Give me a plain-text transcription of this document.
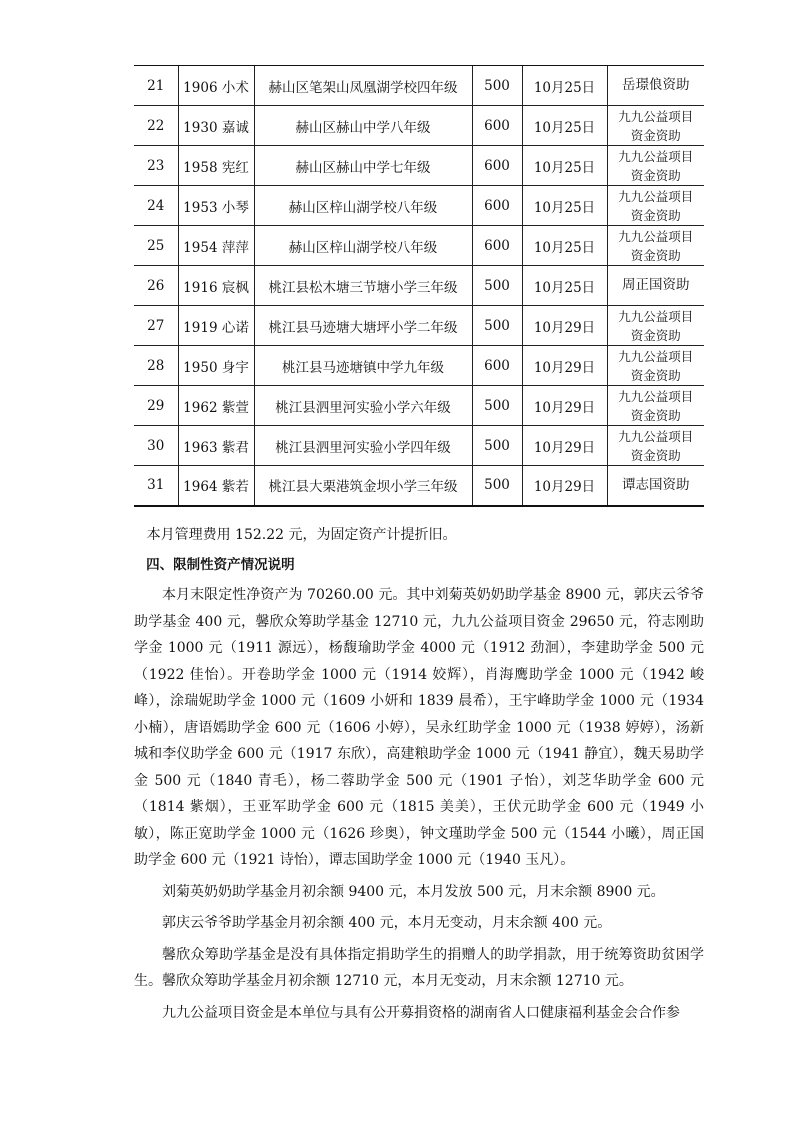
21	1906 小术	赫山区笔架山凤凰湖学校四年级	500	10月25日	岳璟俍资助

22	1930 嘉诚	赫山区赫山中学八年级	600	10月25日	九九公益项目
资金资助

23	1958 宪红	赫山区赫山中学七年级	600	10月25日	九九公益项目
资金资助

24	1953 小琴	赫山区梓山湖学校八年级	600	10月25日	九九公益项目
资金资助

25	1954 萍萍	赫山区梓山湖学校八年级	600	10月25日	九九公益项目
资金资助

26	1916 宸枫	桃江县松木塘三节塘小学三年级	500	10月25日	周正国资助

27	1919 心诺	桃江县马迹塘大塘坪小学二年级	500	10月29日	九九公益项目
资金资助

28	1950 身宇	桃江县马迹塘镇中学九年级	600	10月29日	九九公益项目
资金资助

29	1962 紫萱	桃江县泗里河实验小学六年级	500	10月29日	九九公益项目
资金资助

30	1963 紫君	桃江县泗里河实验小学四年级	500	10月29日	九九公益项目
资金资助

31	1964 紫若	桃江县大栗港筑金坝小学三年级	500	10月29日	谭志国资助

本月管理费用 152.22 元，为固定资产计提折旧。

四、限制性资产情况说明

本月末限定性净资产为 70260.00 元。其中刘菊英奶奶助学基金 8900 元，郭庆云爷爷助学基金 400 元，馨欣众筹助学基金 12710 元，九九公益项目资金 29650 元，符志刚助学金 1000 元（1911 源远），杨馥瑜助学金 4000 元（1912 劲洄），李建助学金 500 元（1922 佳怡）。开卷助学金 1000 元（1914 姣辉），肖海鹰助学金 1000 元（1942 峻峰），涂瑞妮助学金 1000 元（1609 小妍和 1839 晨希），王宇峰助学金 1000 元（1934 小楠），唐语嫣助学金 600 元（1606 小婷），吴永红助学金 1000 元（1938 婷婷），汤新城和李仪助学金 600 元（1917 东欣），高建粮助学金 1000 元（1941 静宜），魏天易助学金 500 元（1840 青毛），杨二蓉助学金 500 元（1901 子怡），刘芝华助学金 600 元（1814 紫烟），王亚军助学金 600 元（1815 美美），王伏元助学金 600 元（1949 小敏），陈正宽助学金 1000 元（1626 珍奥），钟文瑾助学金 500 元（1544 小曦），周正国助学金 600 元（1921 诗怡），谭志国助学金 1000 元（1940 玉凡）。

刘菊英奶奶助学基金月初余额 9400 元，本月发放 500 元，月末余额 8900 元。

郭庆云爷爷助学基金月初余额 400 元，本月无变动，月末余额 400 元。

馨欣众筹助学基金是没有具体指定捐助学生的捐赠人的助学捐款，用于统筹资助贫困学生。馨欣众筹助学基金月初余额 12710 元，本月无变动，月末余额 12710 元。

九九公益项目资金是本单位与具有公开募捐资格的湖南省人口健康福利基金会合作参
